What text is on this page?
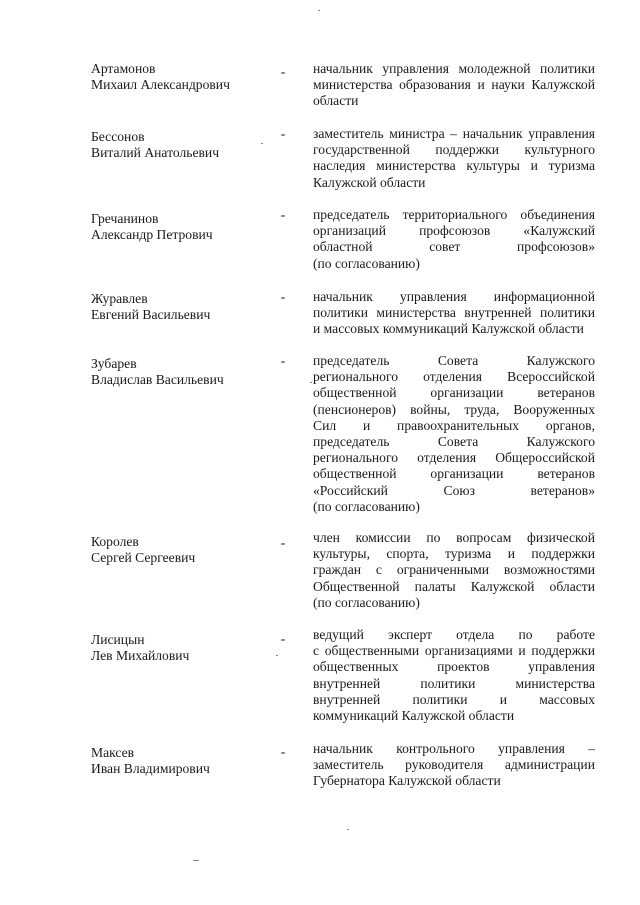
Артамонов
Михаил Александрович
- начальник управления молодежной политики
министерства образования и науки Калужской
области
Бессонов
Виталий Анатольевич
- заместитель министра – начальник управления
государственной поддержки культурного
наследия министерства культуры и туризма
Калужской области
Гречанинов
Александр Петрович
- председатель территориального объединения
организаций профсоюзов «Калужский
областной совет профсоюзов»
(по согласованию)
Журавлев
Евгений Васильевич
- начальник управления информационной
политики министерства внутренней политики
и массовых коммуникаций Калужской области
Зубарев
Владислав Васильевич
- председатель Совета Калужского
регионального отделения Всероссийской
общественной организации ветеранов
(пенсионеров) войны, труда, Вооруженных
Сил и правоохранительных органов,
председатель Совета Калужского
регионального отделения Общероссийской
общественной организации ветеранов
«Российский Союз ветеранов»
(по согласованию)
Королев
Сергей Сергеевич
- член комиссии по вопросам физической
культуры, спорта, туризма и поддержки
граждан с ограниченными возможностями
Общественной палаты Калужской области
(по согласованию)
Лисицын
Лев Михайлович
- ведущий эксперт отдела по работе
с общественными организациями и поддержки
общественных проектов управления
внутренней политики министерства
внутренней политики и массовых
коммуникаций Калужской области
Максев
Иван Владимирович
- начальник контрольного управления –
заместитель руководителя администрации
Губернатора Калужской области
